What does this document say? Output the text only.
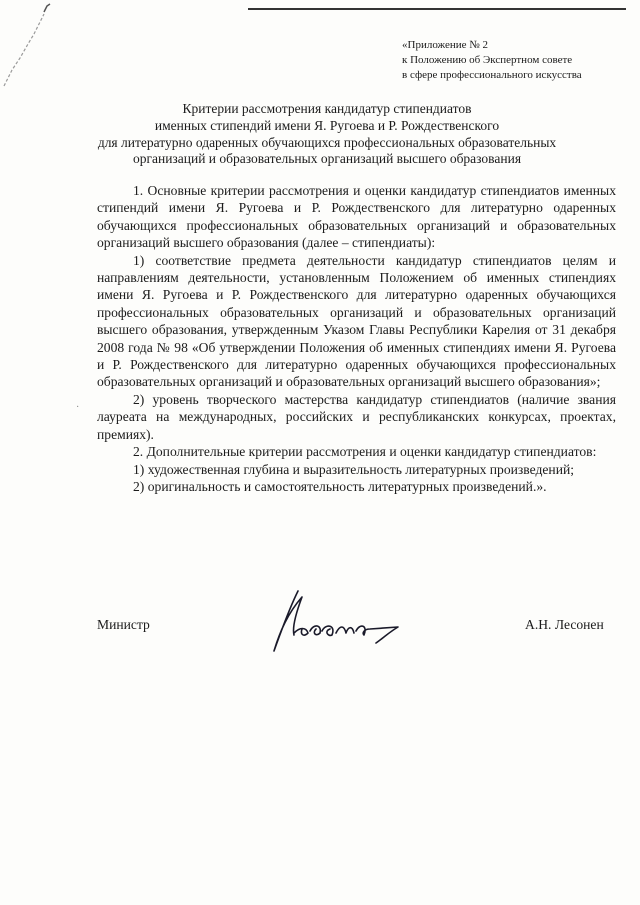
«Приложение № 2
к Положению об Экспертном совете
в сфере профессионального искусства
Критерии рассмотрения кандидатур стипендиатов
именных стипендий имени Я. Ругоева и Р. Рождественского
для литературно одаренных обучающихся профессиональных образовательных
организаций и образовательных организаций высшего образования

1. Основные критерии рассмотрения и оценки кандидатур стипендиатов именных стипендий имени Я. Ругоева и Р. Рождественского для литературно одаренных обучающихся профессиональных образовательных организаций и образовательных организаций высшего образования (далее – стипендиаты):

1) соответствие предмета деятельности кандидатур стипендиатов целям и направлениям деятельности, установленным Положением об именных стипендиях имени Я. Ругоева и Р. Рождественского для литературно одаренных обучающихся профессиональных образовательных организаций и образовательных организаций высшего образования, утвержденным Указом Главы Республики Карелия от 31 декабря 2008 года № 98 «Об утверждении Положения об именных стипендиях имени Я. Ругоева и Р. Рождественского для литературно одаренных обучающихся профессиональных образовательных организаций и образовательных организаций высшего образования»;

2) уровень творческого мастерства кандидатур стипендиатов (наличие звания лауреата на международных, российских и республиканских конкурсах, проектах, премиях).

2. Дополнительные критерии рассмотрения и оценки кандидатур стипендиатов:

1) художественная глубина и выразительность литературных произведений;

2) оригинальность и самостоятельность литературных произведений.».

·
Министр	А.Н. Лесонен
